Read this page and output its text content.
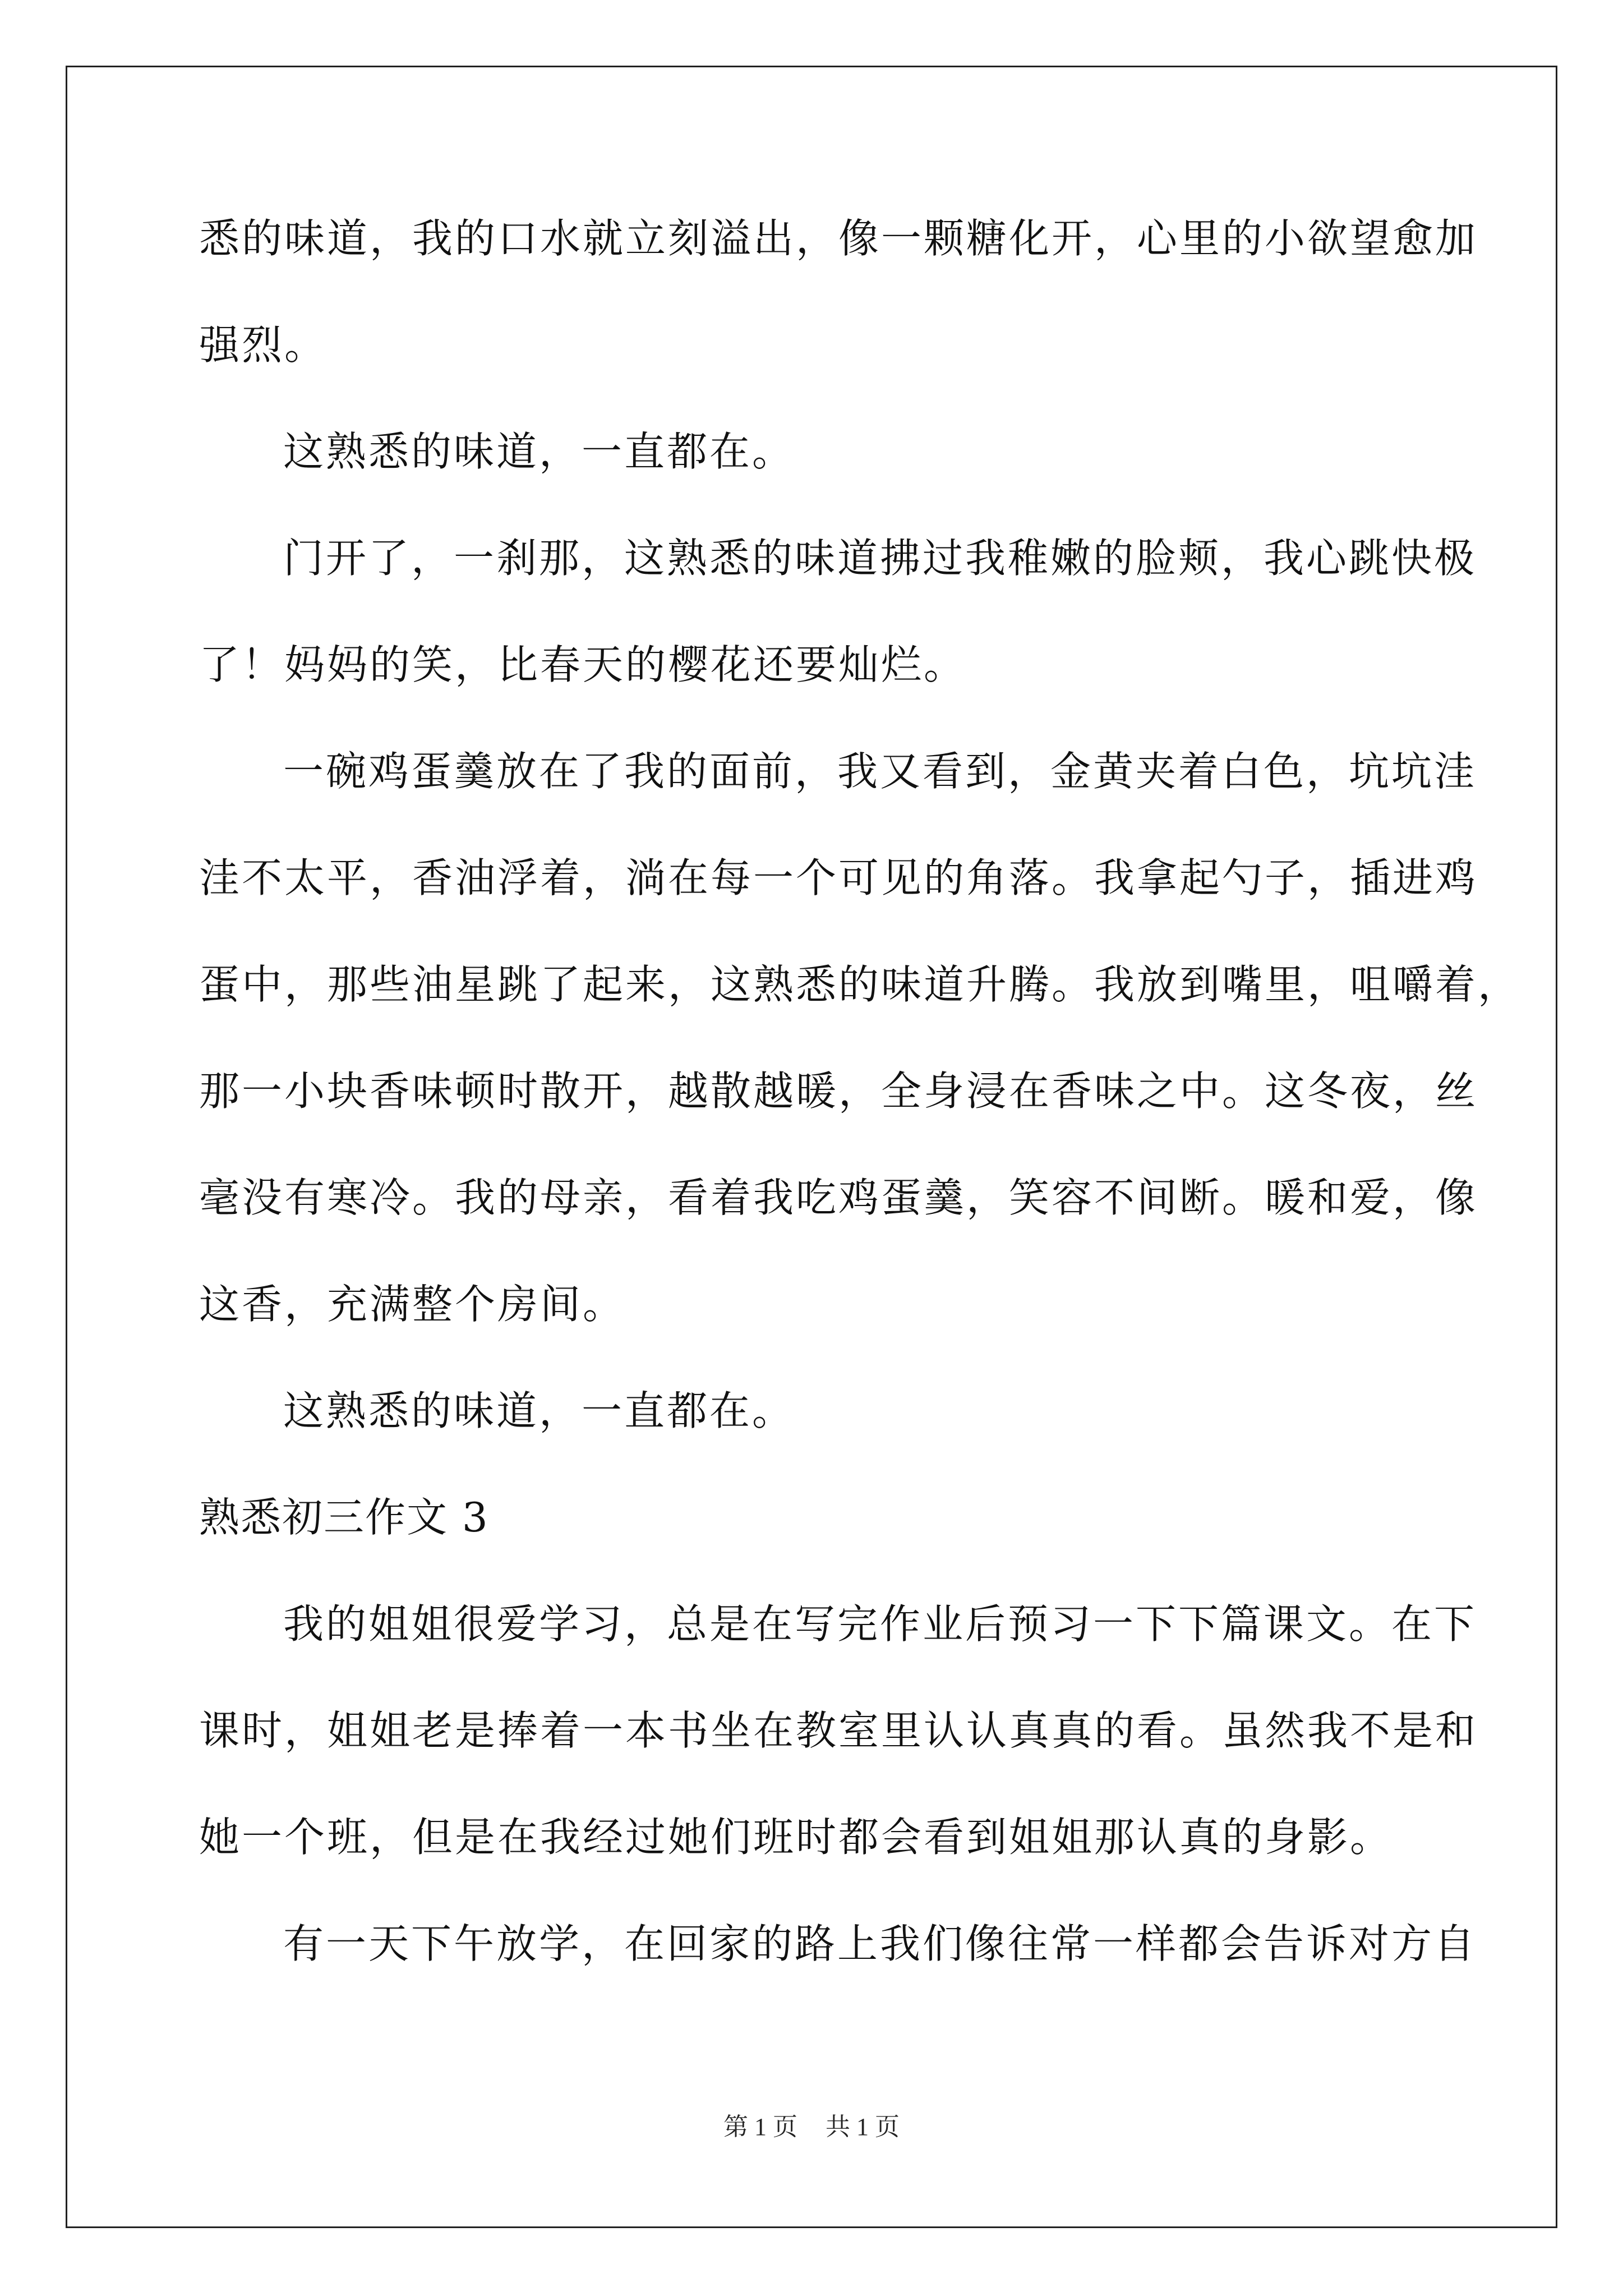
悉的味道，我的口水就立刻溢出，像一颗糖化开，心里的小欲望愈加
强烈。
这熟悉的味道，一直都在。
门开了，一刹那，这熟悉的味道拂过我稚嫩的脸颊，我心跳快极
了！妈妈的笑，比春天的樱花还要灿烂。
一碗鸡蛋羹放在了我的面前，我又看到，金黄夹着白色，坑坑洼
洼不太平，香油浮着，淌在每一个可见的角落。我拿起勺子，插进鸡
蛋中，那些油星跳了起来，这熟悉的味道升腾。我放到嘴里，咀嚼着，
那一小块香味顿时散开，越散越暖，全身浸在香味之中。这冬夜，丝
毫没有寒冷。我的母亲，看着我吃鸡蛋羹，笑容不间断。暖和爱，像
这香，充满整个房间。
这熟悉的味道，一直都在。
熟悉初三作文 3
我的姐姐很爱学习，总是在写完作业后预习一下下篇课文。在下
课时，姐姐老是捧着一本书坐在教室里认认真真的看。虽然我不是和
她一个班，但是在我经过她们班时都会看到姐姐那认真的身影。
有一天下午放学，在回家的路上我们像往常一样都会告诉对方自
第 1 页 共 1 页
